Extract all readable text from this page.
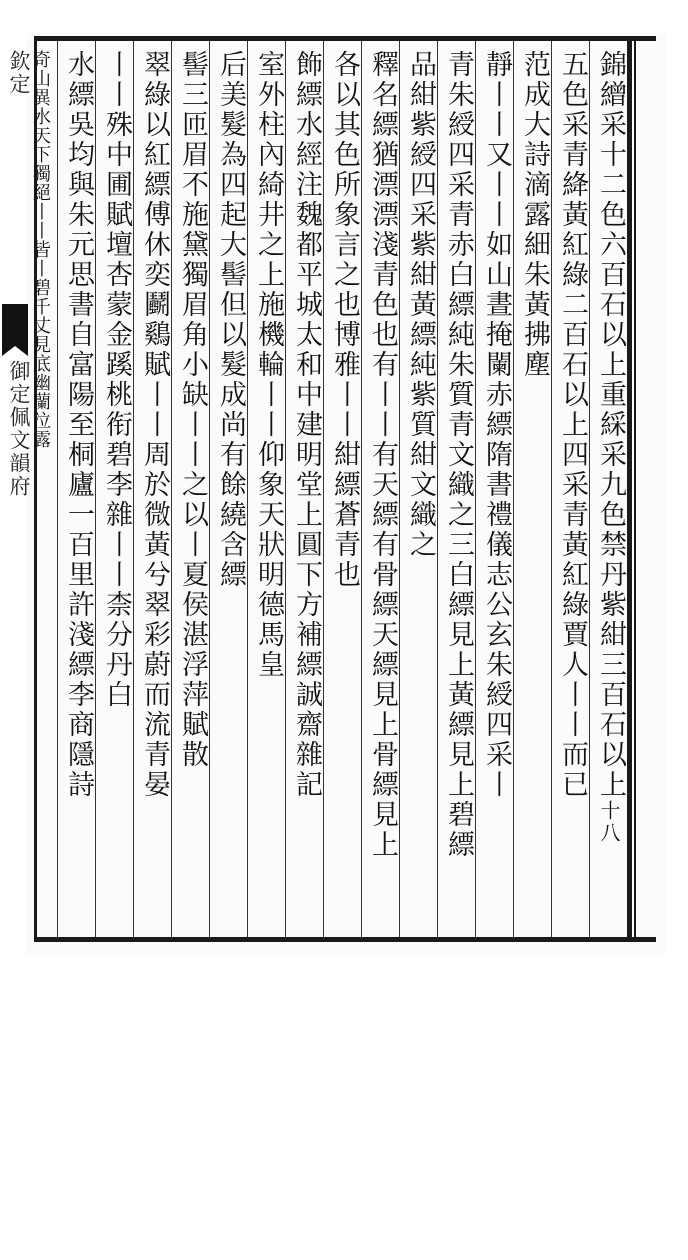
欽定
御定佩文韻府	錦繒采十二色六百石以上重綵采九色禁丹紫紺三百石以上
五色采青絳黃紅綠二百石以上四采青黃紅綠賈人丨丨而已
范成大詩滴露細朱黃拂塵
靜丨丨又丨丨如山晝掩闌赤縹隋書禮儀志公玄朱綬四采丨
青朱綬四采青赤白縹純朱質青文織之三白縹見上黃縹見上碧縹
品紺紫綬四采紫紺黃縹純紫質紺文織之
釋名縹猶漂漂淺青色也有丨丨有天縹有骨縹天縹見上骨縹見上
各以其色所象言之也博雅丨丨紺縹蒼青也
飾縹水經注魏都平城太和中建明堂上圓下方補縹誠齋雜記
室外柱內綺井之上施機輪丨丨仰象天狀明德馬皇
后美髮為四起大髻但以髮成尚有餘繞含縹
髻三匝眉不施黛獨眉角小缺丨丨之以丨夏侯湛浮萍賦散
翠綠以紅縹傅休奕鬬鷄賦丨丨周於微黃兮翠彩蔚而流青晏
丨丨殊中圃賦壇杏蒙金蹊桃衔碧李雜丨丨柰分丹白
水縹吳均與朱元思書自富陽至桐廬一百里許淺縹李商隱詩
奇山異水天下獨絕丨丨皆丨碧千丈見底幽蘭泣露
十八
